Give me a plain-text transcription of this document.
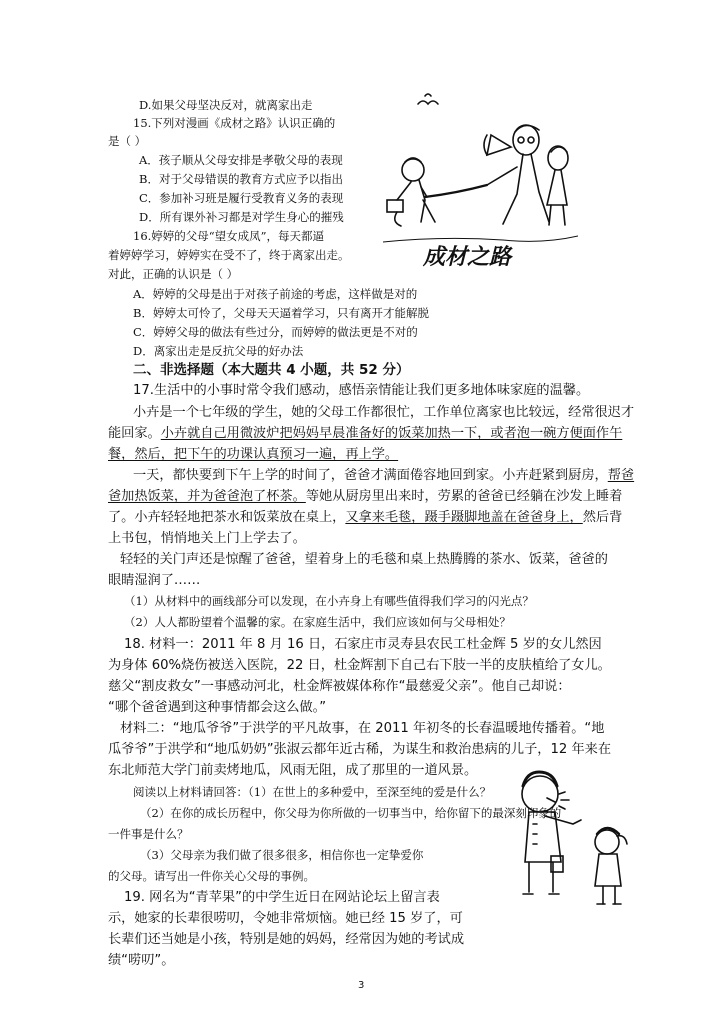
成材之路
D.如果父母坚决反对，就离家出走
15.下列对漫画《成材之路》认识正确的
是（ ）
A．孩子顺从父母安排是孝敬父母的表现
B．对于父母错误的教育方式应予以指出
C．参加补习班是履行受教育义务的表现
D．所有课外补习都是对学生身心的摧残
16.婷婷的父母“望女成凤”，每天都逼
着婷婷学习，婷婷实在受不了，终于离家出走。
对此，正确的认识是（ ）
A．婷婷的父母是出于对孩子前途的考虑，这样做是对的
B．婷婷太可怜了，父母天天逼着学习，只有离开才能解脱
C．婷婷父母的做法有些过分，而婷婷的做法更是不对的
D．离家出走是反抗父母的好办法
二、非选择题（本大题共 4 小题，共 52 分）
17.生活中的小事时常令我们感动，感悟亲情能让我们更多地体味家庭的温馨。
小卉是一个七年级的学生，她的父母工作都很忙，工作单位离家也比较远，经常很迟才
能回家。小卉就自己用微波炉把妈妈早晨准备好的饭菜加热一下，或者泡一碗方便面作午
餐，然后，把下午的功课认真预习一遍，再上学。
一天，都快要到下午上学的时间了，爸爸才满面倦容地回到家。小卉赶紧到厨房，帮爸
爸加热饭菜，并为爸爸泡了杯茶。等她从厨房里出来时，劳累的爸爸已经躺在沙发上睡着
了。小卉轻轻地把茶水和饭菜放在桌上，又拿来毛毯，蹑手蹑脚地盖在爸爸身上，然后背
上书包，悄悄地关上门上学去了。
轻轻的关门声还是惊醒了爸爸，望着身上的毛毯和桌上热腾腾的茶水、饭菜，爸爸的
眼睛湿润了……
（1）从材料中的画线部分可以发现，在小卉身上有哪些值得我们学习的闪光点？
（2）人人都盼望着个温馨的家。在家庭生活中，我们应该如何与父母相处？
18. 材料一：2011 年 8 月 16 日，石家庄市灵寿县农民工杜金辉 5 岁的女儿然因
为身体 60%烧伤被送入医院，22 日，杜金辉割下自己右下肢一半的皮肤植给了女儿。
慈父“割皮救女”一事感动河北，杜金辉被媒体称作“最慈爱父亲”。他自己却说：
“哪个爸爸遇到这种事情都会这么做。”
材料二：“地瓜爷爷”于洪学的平凡故事，在 2011 年初冬的长春温暖地传播着。“地
瓜爷爷”于洪学和“地瓜奶奶”张淑云都年近古稀，为谋生和救治患病的儿子，12 年来在
东北师范大学门前卖烤地瓜，风雨无阻，成了那里的一道风景。
阅读以上材料请回答：（1）在世上的多种爱中，至深至纯的爱是什么？
（2）在你的成长历程中，你父母为你所做的一切事当中，给你留下的最深刻印象的
一件事是什么？
（3）父母亲为我们做了很多很多，相信你也一定挚爱你
的父母。请写出一件你关心父母的事例。
19. 网名为“青苹果”的中学生近日在网站论坛上留言表
示，她家的长辈很唠叨，令她非常烦恼。她已经 15 岁了，可
长辈们还当她是小孩，特别是她的妈妈，经常因为她的考试成
绩“唠叨”。
3
